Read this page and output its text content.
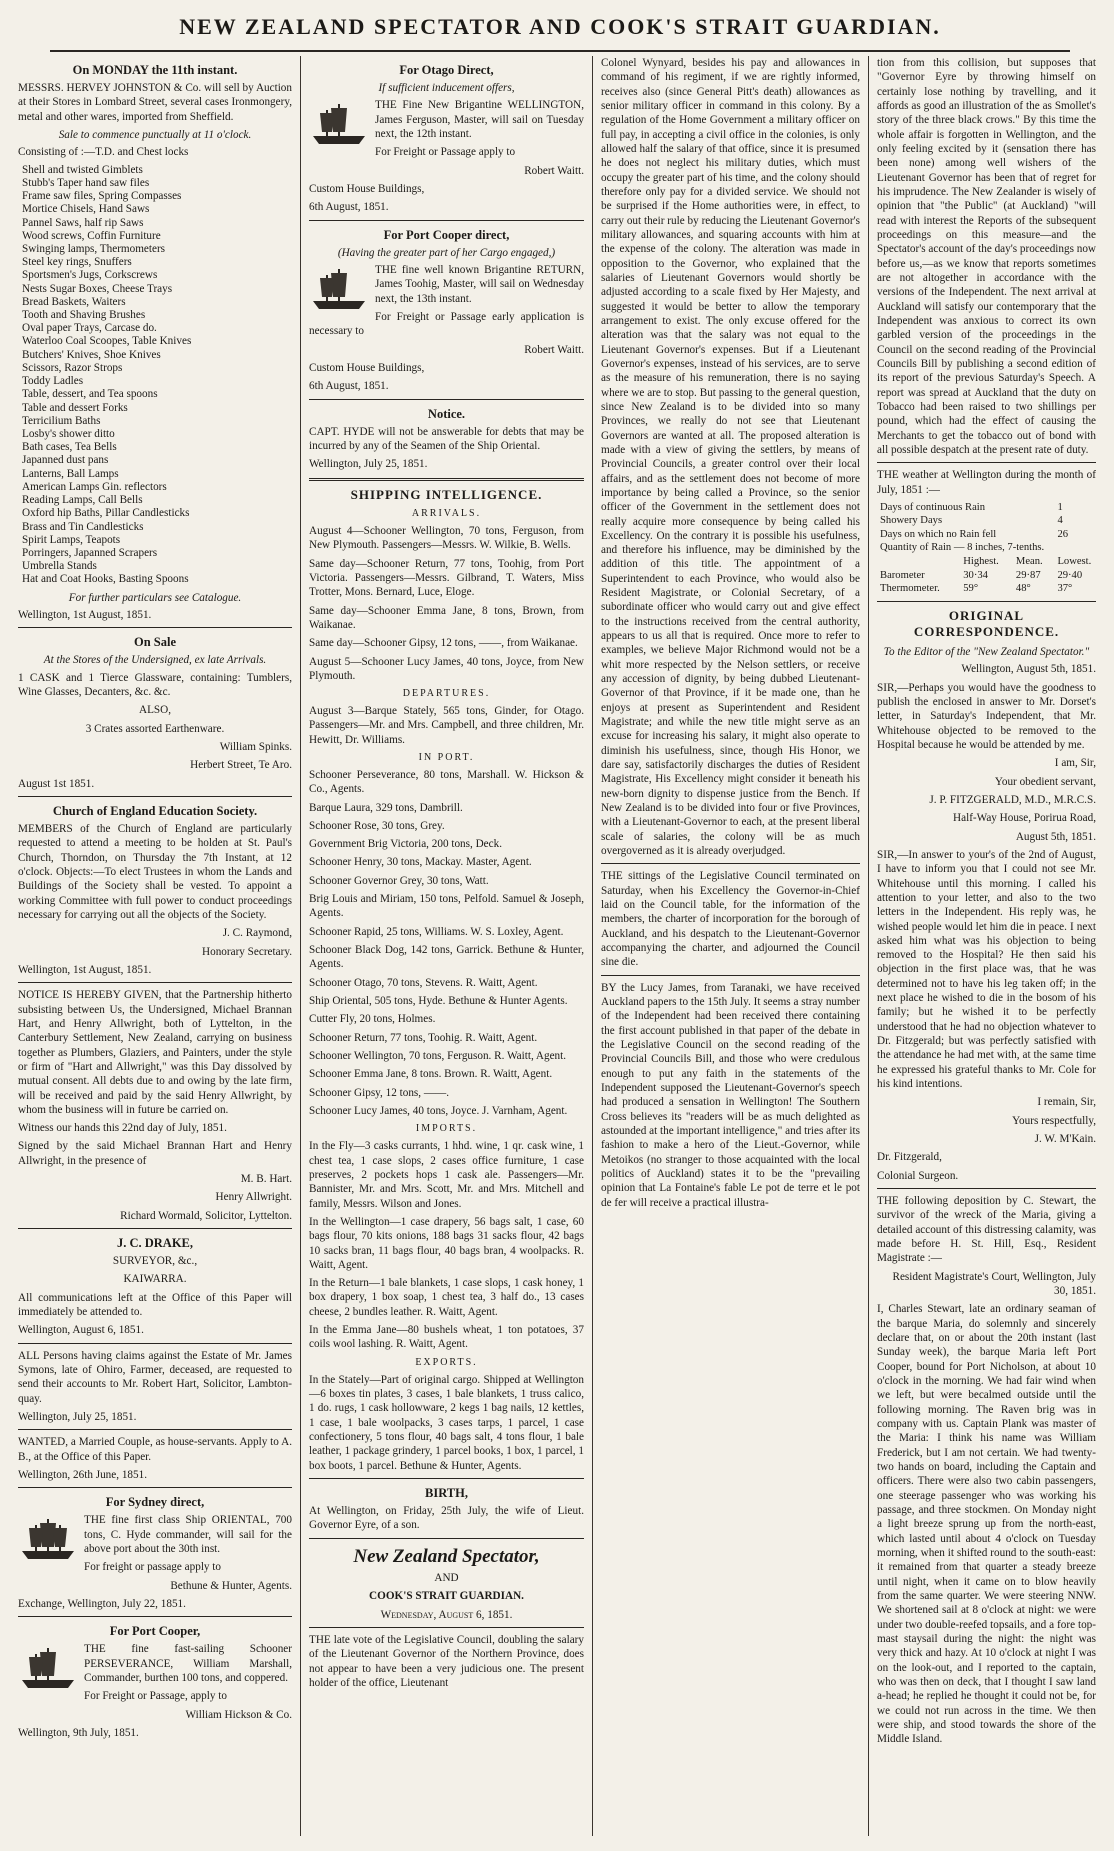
NEW ZEALAND SPECTATOR AND COOK'S STRAIT GUARDIAN.
On MONDAY the 11th instant.

MESSRS. HERVEY JOHNSTON & Co. will sell by Auction at their Stores in Lombard Street, several cases Ironmongery, metal and other wares, imported from Sheffield.

Sale to commence punctually at 11 o'clock.

Consisting of :—T.D. and Chest locks

Shell and twisted Gimblets
Stubb's Taper hand saw files
Frame saw files, Spring Compasses
Mortice Chisels, Hand Saws
Pannel Saws, half rip Saws
Wood screws, Coffin Furniture
Swinging lamps, Thermometers
Steel key rings, Snuffers
Sportsmen's Jugs, Corkscrews
Nests Sugar Boxes, Cheese Trays
Bread Baskets, Waiters
Tooth and Shaving Brushes
Oval paper Trays, Carcase do.
Waterloo Coal Scoopes, Table Knives
Butchers' Knives, Shoe Knives
Scissors, Razor Strops
Toddy Ladles
Table, dessert, and Tea spoons
Table and dessert Forks
Terricilium Baths
Losby's shower ditto
Bath cases, Tea Bells
Japanned dust pans
Lanterns, Ball Lamps
American Lamps Gin. reflectors
Reading Lamps, Call Bells
Oxford hip Baths, Pillar Candlesticks
Brass and Tin Candlesticks
Spirit Lamps, Teapots
Porringers, Japanned Scrapers
Umbrella Stands
Hat and Coat Hooks, Basting Spoons

For further particulars see Catalogue.

Wellington, 1st August, 1851.

On Sale

At the Stores of the Undersigned, ex late Arrivals.

1 CASK and 1 Tierce Glassware, containing: Tumblers, Wine Glasses, Decanters, &c. &c.

ALSO,

3 Crates assorted Earthenware.

William Spinks.

Herbert Street, Te Aro.

August 1st 1851.

Church of England Education Society.

MEMBERS of the Church of England are particularly requested to attend a meeting to be holden at St. Paul's Church, Thorndon, on Thursday the 7th Instant, at 12 o'clock. Objects:—To elect Trustees in whom the Lands and Buildings of the Society shall be vested. To appoint a working Committee with full power to conduct proceedings necessary for carrying out all the objects of the Society.

J. C. Raymond,

Honorary Secretary.

Wellington, 1st August, 1851.

NOTICE IS HEREBY GIVEN, that the Partnership hitherto subsisting between Us, the Undersigned, Michael Brannan Hart, and Henry Allwright, both of Lyttelton, in the Canterbury Settlement, New Zealand, carrying on business together as Plumbers, Glaziers, and Painters, under the style or firm of "Hart and Allwright," was this Day dissolved by mutual consent. All debts due to and owing by the late firm, will be received and paid by the said Henry Allwright, by whom the business will in future be carried on.

Witness our hands this 22nd day of July, 1851.

Signed by the said Michael Brannan Hart and Henry Allwright, in the presence of

M. B. Hart.

Henry Allwright.

Richard Wormald, Solicitor, Lyttelton.

J. C. DRAKE,

SURVEYOR, &c.,

KAIWARRA.

All communications left at the Office of this Paper will immediately be attended to.

Wellington, August 6, 1851.

ALL Persons having claims against the Estate of Mr. James Symons, late of Ohiro, Farmer, deceased, are requested to send their accounts to Mr. Robert Hart, Solicitor, Lambton-quay.

Wellington, July 25, 1851.

WANTED, a Married Couple, as house-servants. Apply to A. B., at the Office of this Paper.

Wellington, 26th June, 1851.

For Sydney direct,

THE fine first class Ship ORIENTAL, 700 tons, C. Hyde commander, will sail for the above port about the 30th inst.

For freight or passage apply to

Bethune & Hunter, Agents.

Exchange, Wellington, July 22, 1851.

For Port Cooper,

THE fine fast-sailing Schooner PERSEVERANCE, William Marshall, Commander, burthen 100 tons, and coppered.

For Freight or Passage, apply to

William Hickson & Co.

Wellington, 9th July, 1851.

For Otago Direct,

If sufficient inducement offers,

THE Fine New Brigantine WELLINGTON, James Ferguson, Master, will sail on Tuesday next, the 12th instant.

For Freight or Passage apply to

Robert Waitt.

Custom House Buildings,

6th August, 1851.

For Port Cooper direct,

(Having the greater part of her Cargo engaged,)

THE fine well known Brigantine RETURN, James Toohig, Master, will sail on Wednesday next, the 13th instant.

For Freight or Passage early application is necessary to

Robert Waitt.

Custom House Buildings,

6th August, 1851.

Notice.

CAPT. HYDE will not be answerable for debts that may be incurred by any of the Seamen of the Ship Oriental.

Wellington, July 25, 1851.

SHIPPING INTELLIGENCE.
ARRIVALS.

August 4—Schooner Wellington, 70 tons, Ferguson, from New Plymouth. Passengers—Messrs. W. Wilkie, B. Wells.

Same day—Schooner Return, 77 tons, Toohig, from Port Victoria. Passengers—Messrs. Gilbrand, T. Waters, Miss Trotter, Mons. Bernard, Luce, Eloge.

Same day—Schooner Emma Jane, 8 tons, Brown, from Waikanae.

Same day—Schooner Gipsy, 12 tons, ——, from Waikanae.

August 5—Schooner Lucy James, 40 tons, Joyce, from New Plymouth.

DEPARTURES.

August 3—Barque Stately, 565 tons, Ginder, for Otago. Passengers—Mr. and Mrs. Campbell, and three children, Mr. Hewitt, Dr. Williams.

IN PORT.

Schooner Perseverance, 80 tons, Marshall. W. Hickson & Co., Agents.

Barque Laura, 329 tons, Dambrill.

Schooner Rose, 30 tons, Grey.

Government Brig Victoria, 200 tons, Deck.

Schooner Henry, 30 tons, Mackay. Master, Agent.

Schooner Governor Grey, 30 tons, Watt.

Brig Louis and Miriam, 150 tons, Pelfold. Samuel & Joseph, Agents.

Schooner Rapid, 25 tons, Williams. W. S. Loxley, Agent.

Schooner Black Dog, 142 tons, Garrick. Bethune & Hunter, Agents.

Schooner Otago, 70 tons, Stevens. R. Waitt, Agent.

Ship Oriental, 505 tons, Hyde. Bethune & Hunter Agents.

Cutter Fly, 20 tons, Holmes.

Schooner Return, 77 tons, Toohig. R. Waitt, Agent.

Schooner Wellington, 70 tons, Ferguson. R. Waitt, Agent.

Schooner Emma Jane, 8 tons. Brown. R. Waitt, Agent.

Schooner Gipsy, 12 tons, ——.

Schooner Lucy James, 40 tons, Joyce. J. Varnham, Agent.

IMPORTS.

In the Fly—3 casks currants, 1 hhd. wine, 1 qr. cask wine, 1 chest tea, 1 case slops, 2 cases office furniture, 1 case preserves, 2 pockets hops 1 cask ale. Passengers—Mr. Bannister, Mr. and Mrs. Scott, Mr. and Mrs. Mitchell and family, Messrs. Wilson and Jones.

In the Wellington—1 case drapery, 56 bags salt, 1 case, 60 bags flour, 70 kits onions, 188 bags 31 sacks flour, 42 bags 10 sacks bran, 11 bags flour, 40 bags bran, 4 woolpacks. R. Waitt, Agent.

In the Return—1 bale blankets, 1 case slops, 1 cask honey, 1 box drapery, 1 box soap, 1 chest tea, 3 half do., 13 cases cheese, 2 bundles leather. R. Waitt, Agent.

In the Emma Jane—80 bushels wheat, 1 ton potatoes, 37 coils wool lashing. R. Waitt, Agent.

EXPORTS.

In the Stately—Part of original cargo. Shipped at Wellington—6 boxes tin plates, 3 cases, 1 bale blankets, 1 truss calico, 1 do. rugs, 1 cask hollowware, 2 kegs 1 bag nails, 12 kettles, 1 case, 1 bale woolpacks, 3 cases tarps, 1 parcel, 1 case confectionery, 5 tons flour, 40 bags salt, 4 tons flour, 1 bale leather, 1 package grindery, 1 parcel books, 1 box, 1 parcel, 1 box boots, 1 parcel. Bethune & Hunter, Agents.

BIRTH,

At Wellington, on Friday, 25th July, the wife of Lieut. Governor Eyre, of a son.

New Zealand Spectator,

AND

COOK'S STRAIT GUARDIAN.

Wednesday, August 6, 1851.

THE late vote of the Legislative Council, doubling the salary of the Lieutenant Governor of the Northern Province, does not appear to have been a very judicious one. The present holder of the office, Lieutenant

Colonel Wynyard, besides his pay and allowances in command of his regiment, if we are rightly informed, receives also (since General Pitt's death) allowances as senior military officer in command in this colony. By a regulation of the Home Government a military officer on full pay, in accepting a civil office in the colonies, is only allowed half the salary of that office, since it is presumed he does not neglect his military duties, which must occupy the greater part of his time, and the colony should therefore only pay for a divided service. We should not be surprised if the Home authorities were, in effect, to carry out their rule by reducing the Lieutenant Governor's military allowances, and squaring accounts with him at the expense of the colony. The alteration was made in opposition to the Governor, who explained that the salaries of Lieutenant Governors would shortly be adjusted according to a scale fixed by Her Majesty, and suggested it would be better to allow the temporary arrangement to exist. The only excuse offered for the alteration was that the salary was not equal to the Lieutenant Governor's expenses. But if a Lieutenant Governor's expenses, instead of his services, are to serve as the measure of his remuneration, there is no saying where we are to stop. But passing to the general question, since New Zealand is to be divided into so many Provinces, we really do not see that Lieutenant Governors are wanted at all. The proposed alteration is made with a view of giving the settlers, by means of Provincial Councils, a greater control over their local affairs, and as the settlement does not become of more importance by being called a Province, so the senior officer of the Government in the settlement does not really acquire more consequence by being called his Excellency. On the contrary it is possible his usefulness, and therefore his influence, may be diminished by the addition of this title. The appointment of a Superintendent to each Province, who would also be Resident Magistrate, or Colonial Secretary, of a subordinate officer who would carry out and give effect to the instructions received from the central authority, appears to us all that is required. Once more to refer to examples, we believe Major Richmond would not be a whit more respected by the Nelson settlers, or receive any accession of dignity, by being dubbed Lieutenant-Governor of that Province, if it be made one, than he enjoys at present as Superintendent and Resident Magistrate; and while the new title might serve as an excuse for increasing his salary, it might also operate to diminish his usefulness, since, though His Honor, we dare say, satisfactorily discharges the duties of Resident Magistrate, His Excellency might consider it beneath his new-born dignity to dispense justice from the Bench. If New Zealand is to be divided into four or five Provinces, with a Lieutenant-Governor to each, at the present liberal scale of salaries, the colony will be as much overgoverned as it is already overjudged.

THE sittings of the Legislative Council terminated on Saturday, when his Excellency the Governor-in-Chief laid on the Council table, for the information of the members, the charter of incorporation for the borough of Auckland, and his despatch to the Lieutenant-Governor accompanying the charter, and adjourned the Council sine die.

BY the Lucy James, from Taranaki, we have received Auckland papers to the 15th July. It seems a stray number of the Independent had been received there containing the first account published in that paper of the debate in the Legislative Council on the second reading of the Provincial Councils Bill, and those who were credulous enough to put any faith in the statements of the Independent supposed the Lieutenant-Governor's speech had produced a sensation in Wellington! The Southern Cross believes its "readers will be as much delighted as astounded at the important intelligence," and tries after its fashion to make a hero of the Lieut.-Governor, while Metoikos (no stranger to those acquainted with the local politics of Auckland) states it to be the "prevailing opinion that La Fontaine's fable Le pot de terre et le pot de fer will receive a practical illustra-

tion from this collision, but supposes that "Governor Eyre by throwing himself on certainly lose nothing by travelling, and it affords as good an illustration of the as Smollet's story of the three black crows." By this time the whole affair is forgotten in Wellington, and the only feeling excited by it (sensation there has been none) among well wishers of the Lieutenant Governor has been that of regret for his imprudence. The New Zealander is wisely of opinion that "the Public" (at Auckland) "will read with interest the Reports of the subsequent proceedings on this measure—and the Spectator's account of the day's proceedings now before us,—as we know that reports sometimes are not altogether in accordance with the versions of the Independent. The next arrival at Auckland will satisfy our contemporary that the Independent was anxious to correct its own garbled version of the proceedings in the Council on the second reading of the Provincial Councils Bill by publishing a second edition of its report of the previous Saturday's Speech. A report was spread at Auckland that the duty on Tobacco had been raised to two shillings per pound, which had the effect of causing the Merchants to get the tobacco out of bond with all possible despatch at the present rate of duty.

THE weather at Wellington during the month of July, 1851 :—

Days of continuous Rain			1
Showery Days			4
Days on which no Rain fell			26
Quantity of Rain — 8 inches, 7-tenths.			
	Highest.	Mean.	Lowest.
Barometer	30·34	29·87	29·40
Thermometer.	59°	48°	37°
ORIGINAL CORRESPONDENCE.

To the Editor of the "New Zealand Spectator."

Wellington, August 5th, 1851.

SIR,—Perhaps you would have the goodness to publish the enclosed in answer to Mr. Dorset's letter, in Saturday's Independent, that Mr. Whitehouse objected to be removed to the Hospital because he would be attended by me.

I am, Sir,

Your obedient servant,

J. P. FITZGERALD, M.D., M.R.C.S.

Half-Way House, Porirua Road,

August 5th, 1851.

SIR,—In answer to your's of the 2nd of August, I have to inform you that I could not see Mr. Whitehouse until this morning. I called his attention to your letter, and also to the two letters in the Independent. His reply was, he wished people would let him die in peace. I next asked him what was his objection to being removed to the Hospital? He then said his objection in the first place was, that he was determined not to have his leg taken off; in the next place he wished to die in the bosom of his family; but he wished it to be perfectly understood that he had no objection whatever to Dr. Fitzgerald; but was perfectly satisfied with the attendance he had met with, at the same time he expressed his grateful thanks to Mr. Cole for his kind intentions.

I remain, Sir,

Yours respectfully,

J. W. M'Kain.

Dr. Fitzgerald,

Colonial Surgeon.

THE following deposition by C. Stewart, the survivor of the wreck of the Maria, giving a detailed account of this distressing calamity, was made before H. St. Hill, Esq., Resident Magistrate :—

Resident Magistrate's Court, Wellington, July 30, 1851.

I, Charles Stewart, late an ordinary seaman of the barque Maria, do solemnly and sincerely declare that, on or about the 20th instant (last Sunday week), the barque Maria left Port Cooper, bound for Port Nicholson, at about 10 o'clock in the morning. We had fair wind when we left, but were becalmed outside until the following morning. The Raven brig was in company with us. Captain Plank was master of the Maria: I think his name was William Frederick, but I am not certain. We had twenty-two hands on board, including the Captain and officers. There were also two cabin passengers, one steerage passenger who was working his passage, and three stockmen. On Monday night a light breeze sprung up from the north-east, which lasted until about 4 o'clock on Tuesday morning, when it shifted round to the south-east: it remained from that quarter a steady breeze until night, when it came on to blow heavily from the same quarter. We were steering NNW. We shortened sail at 8 o'clock at night: we were under two double-reefed topsails, and a fore top-mast staysail during the night: the night was very thick and hazy. At 10 o'clock at night I was on the look-out, and I reported to the captain, who was then on deck, that I thought I saw land a-head; he replied he thought it could not be, for we could not run across in the time. We then were ship, and stood towards the shore of the Middle Island.
